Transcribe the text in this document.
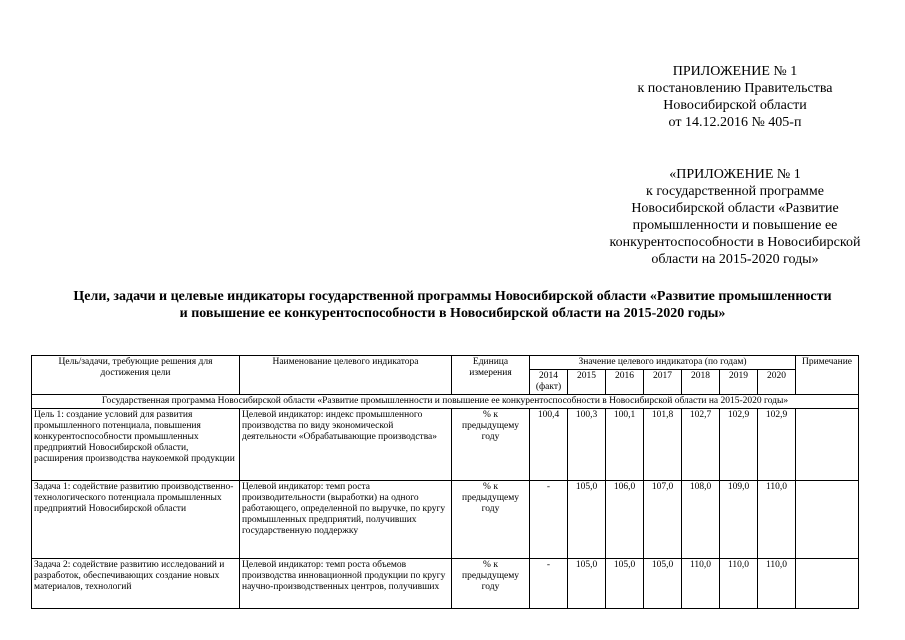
ПРИЛОЖЕНИЕ № 1
к постановлению Правительства
Новосибирской области
от 14.12.2016 № 405-п
«ПРИЛОЖЕНИЕ № 1
к государственной программе
Новосибирской области «Развитие
промышленности и повышение ее
конкурентоспособности в Новосибирской
области на 2015-2020 годы»
Цели, задачи и целевые индикаторы государственной программы Новосибирской области «Развитие промышленности
и повышение ее конкурентоспособности в Новосибирской области на 2015-2020 годы»
Цель/задачи, требующие решения для достижения цели	Наименование целевого индикатора	Единица измерения	Значение целевого индикатора (по годам)							Примечание
			2014 (факт)	2015	2016	2017	2018	2019	2020	
Государственная программа Новосибирской области «Развитие промышленности и повышение ее конкурентоспособности в Новосибирской области на 2015-2020 годы»										
Цель 1: создание условий для развития промышленного потенциала, повышения конкурентоспособности промышленных предприятий Новосибирской области, расширения производства наукоемкой продукции	Целевой индикатор: индекс промышленного производства по виду экономической деятельности «Обрабатывающие производства»	% к предыдущему году	100,4	100,3	100,1	101,8	102,7	102,9	102,9	
Задача 1: содействие развитию производственно-технологического потенциала промышленных предприятий Новосибирской области	Целевой индикатор: темп роста производительности (выработки) на одного работающего, определенной по выручке, по кругу промышленных предприятий, получивших государственную поддержку	% к предыдущему году	-	105,0	106,0	107,0	108,0	109,0	110,0	
Задача 2: содействие развитию исследований и разработок, обеспечивающих создание новых материалов, технологий	Целевой индикатор: темп роста объемов производства инновационной продукции по кругу научно-производственных центров, получивших	% к предыдущему году	-	105,0	105,0	105,0	110,0	110,0	110,0	
